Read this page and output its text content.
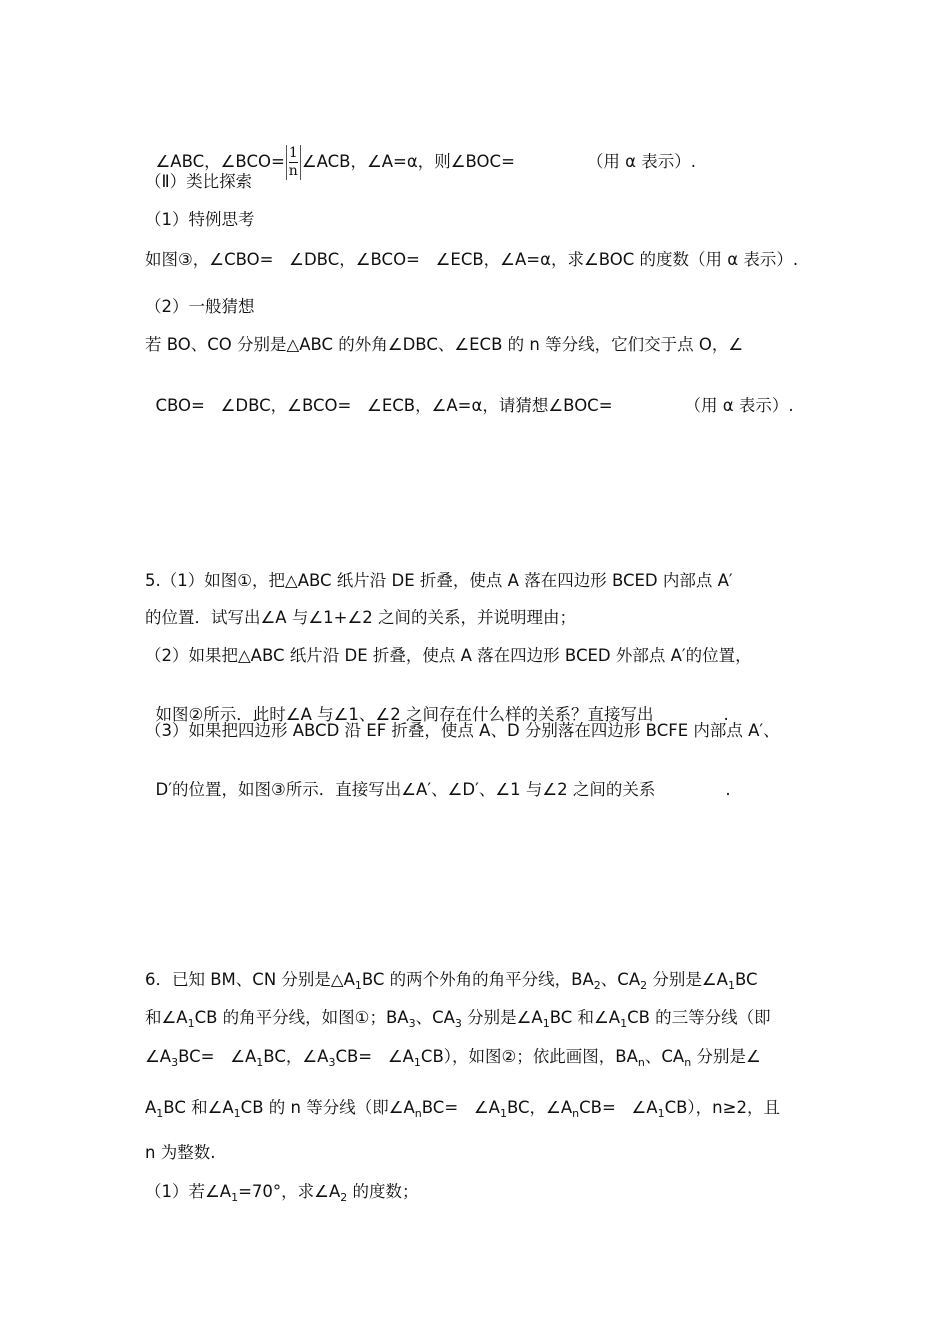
∠ABC，∠BCO= $\frac{1}{n}$ ∠ACB，∠A=α，则∠BOC=	（用 α 表示）.

（Ⅱ）类比探索
（1）特例思考
如图③，∠CBO=   ∠DBC，∠BCO=   ∠ECB，∠A=α，求∠BOC 的度数（用 α 表示）.
（2）一般猜想
若 BO、CO 分别是△ABC 的外角∠DBC、∠ECB 的 n 等分线，它们交于点 O，∠

CBO=   ∠DBC，∠BCO=   ∠ECB，∠A=α，请猜想∠BOC=	（用 α 表示）.

5.（1）如图①，把△ABC 纸片沿 DE 折叠，使点 A 落在四边形 BCED 内部点 A′
的位置．试写出∠A 与∠1+∠2 之间的关系，并说明理由；
（2）如果把△ABC 纸片沿 DE 折叠，使点 A 落在四边形 BCED 外部点 A′的位置，

如图②所示．此时∠A 与∠1、∠2 之间存在什么样的关系？直接写出	.

（3）如果把四边形 ABCD 沿 EF 折叠，使点 A、D 分别落在四边形 BCFE 内部点 A′、

D′的位置，如图③所示．直接写出∠A′、∠D′、∠1 与∠2 之间的关系	.

6．已知 BM、CN 分别是$\triangle A_1BC$ 的两个外角的角平分线，$BA_2$、$CA_2$ 分别是$\angle A_1BC$
和$\angle A_1CB$ 的角平分线，如图①；$BA_3$、$CA_3$ 分别是$\angle A_1BC$ 和$\angle A_1CB$ 的三等分线（即
$\angle A_3BC=$   $\angle A_1BC$，$\angle A_3CB=$   $\angle A_1CB$），如图②；依此画图，$BA_n$、$CA_n$ 分别是∠
$A_1BC$ 和$\angle A_1CB$ 的 n 等分线（即$\angle A_nBC=$   $\angle A_1BC$，$\angle A_nCB=$   $\angle A_1CB$），n≥2，且
n 为整数.
（1）若$\angle A_1=70^\circ$，求$\angle A_2$ 的度数；
